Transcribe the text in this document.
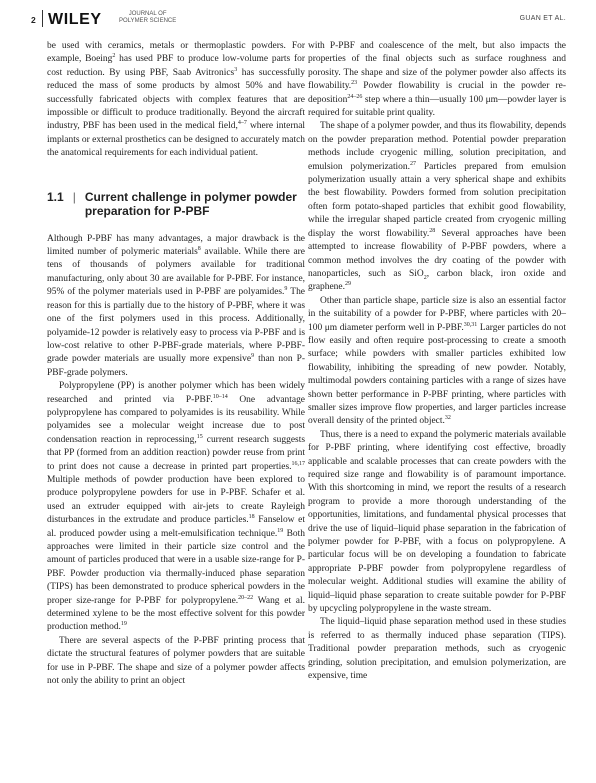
2 WILEY	JOURNAL OF
POLYMER SCIENCE	GUAN ET AL.

be used with ceramics, metals or thermoplastic powders. For example, Boeing$^2$ has used PBF to produce low-volume parts for cost reduction. By using PBF, Saab Avitronics$^3$ has successfully reduced the mass of some products by almost 50% and have successfully fabricated objects with complex features that are impossible or difficult to produce traditionally. Beyond the aircraft industry, PBF has been used in the medical field,$^{4-7}$ where internal implants or external prosthetics can be designed to accurately match the anatomical requirements for each individual patient.

1.1 | Current challenge in polymer powder preparation for P-PBF

Although P-PBF has many advantages, a major drawback is the limited number of polymeric materials$^8$ available. While there are tens of thousands of polymers available for traditional manufacturing, only about 30 are available for P-PBF. For instance, 95% of the polymer materials used in P-PBF are polyamides.$^9$ The reason for this is partially due to the history of P-PBF, where it was one of the first polymers used in this process. Additionally, polyamide-12 powder is relatively easy to process via P-PBF and is low-cost relative to other P-PBF-grade materials, where P-PBF-grade powder materials are usually more expensive$^9$ than non P-PBF-grade polymers.

Polypropylene (PP) is another polymer which has been widely researched and printed via P-PBF.$^{10-14}$ One advantage polypropylene has compared to polyamides is its reusability. While polyamides see a molecular weight increase due to post condensation reaction in reprocessing,$^{15}$ current research suggests that PP (formed from an addition reaction) powder reuse from print to print does not cause a decrease in printed part properties.$^{16,17}$ Multiple methods of powder production have been explored to produce polypropylene powders for use in P-PBF. Schafer et al. used an extruder equipped with air-jets to create Rayleigh disturbances in the extrudate and produce particles.$^{18}$ Fanselow et al. produced powder using a melt-emulsification technique.$^{19}$ Both approaches were limited in their particle size control and the amount of particles produced that were in a usable size-range for P-PBF. Powder production via thermally-induced phase separation (TIPS) has been demonstrated to produce spherical powders in the proper size-range for P-PBF for polypropylene.$^{20-22}$ Wang et al. determined xylene to be the most effective solvent for this powder production method.$^{19}$

There are several aspects of the P-PBF printing process that dictate the structural features of polymer powders that are suitable for use in P-PBF. The shape and size of a polymer powder affects not only the ability to print an object

with P-PBF and coalescence of the melt, but also impacts the properties of the final objects such as surface roughness and porosity. The shape and size of the polymer powder also affects its flowability.$^{23}$ Powder flowability is crucial in the powder re-deposition$^{24-26}$ step where a thin—usually 100 μm—powder layer is required for suitable print quality.

The shape of a polymer powder, and thus its flowability, depends on the powder preparation method. Potential powder preparation methods include cryogenic milling, solution precipitation, and emulsion polymerization.$^{27}$ Particles prepared from emulsion polymerization usually attain a very spherical shape and exhibits the best flowability. Powders formed from solution precipitation often form potato-shaped particles that exhibit good flowability, while the irregular shaped particle created from cryogenic milling display the worst flowability.$^{28}$ Several approaches have been attempted to increase flowability of P-PBF powders, where a common method involves the dry coating of the powder with nanoparticles, such as SiO$_2$, carbon black, iron oxide and graphene.$^{29}$

Other than particle shape, particle size is also an essential factor in the suitability of a powder for P-PBF, where particles with 20–100 μm diameter perform well in P-PBF.$^{30,31}$ Larger particles do not flow easily and often require post-processing to create a smooth surface; while powders with smaller particles exhibited low flowability, inhibiting the spreading of new powder. Notably, multimodal powders containing particles with a range of sizes have shown better performance in P-PBF printing, where particles with smaller sizes improve flow properties, and larger particles increase overall density of the printed object.$^{32}$

Thus, there is a need to expand the polymeric materials available for P-PBF printing, where identifying cost effective, broadly applicable and scalable processes that can create powders with the required size range and flowability is of paramount importance. With this shortcoming in mind, we report the results of a research program to provide a more thorough understanding of the opportunities, limitations, and fundamental physical processes that drive the use of liquid–liquid phase separation in the fabrication of polymer powder for P-PBF, with a focus on polypropylene. A particular focus will be on developing a foundation to fabricate appropriate P-PBF powder from polypropylene regardless of molecular weight. Additional studies will examine the ability of liquid–liquid phase separation to create suitable powder for P-PBF by upcycling polypropylene in the waste stream.

The liquid–liquid phase separation method used in these studies is referred to as thermally induced phase separation (TIPS). Traditional powder preparation methods, such as cryogenic grinding, solution precipitation, and emulsion polymerization, are expensive, time
